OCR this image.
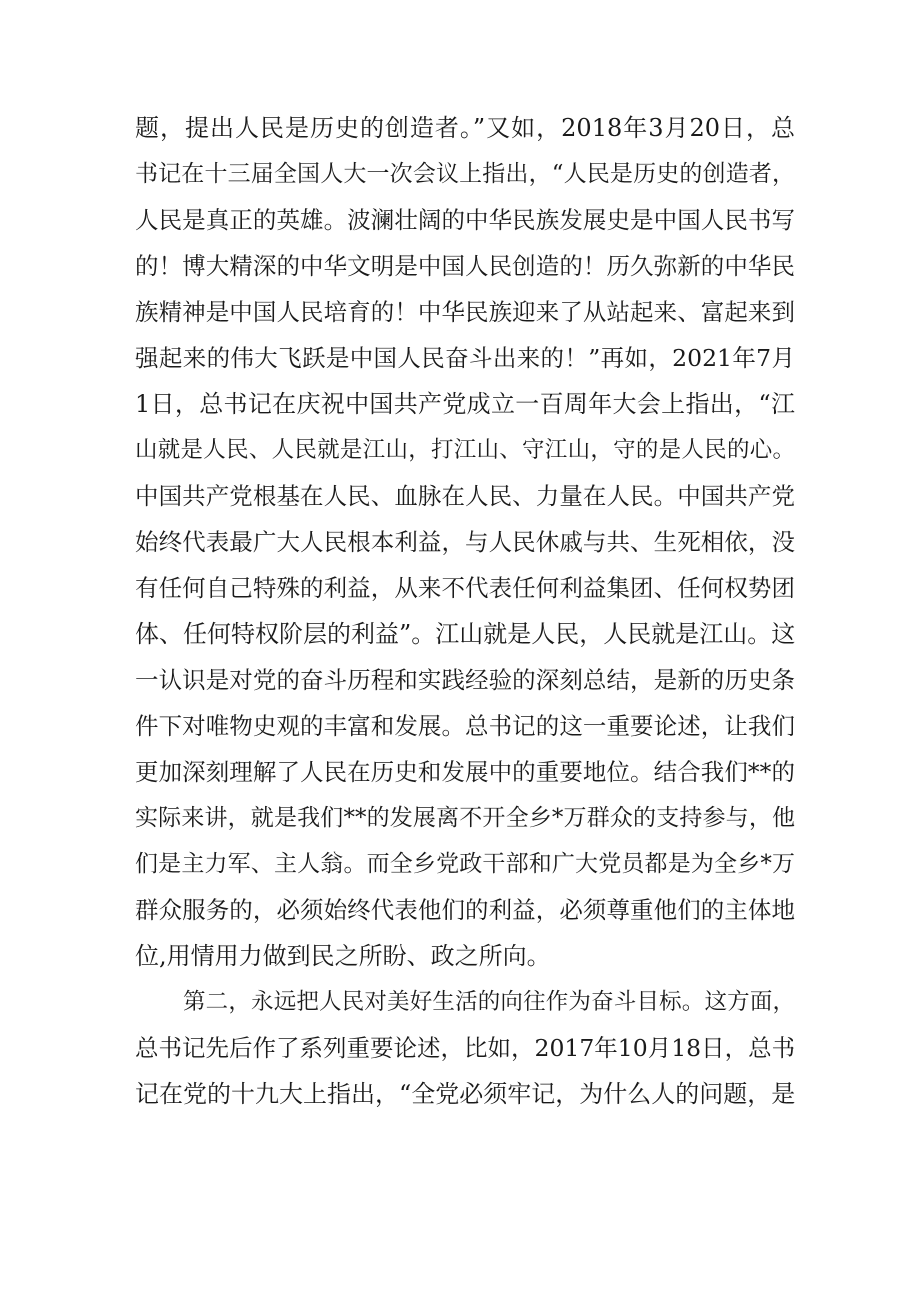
题，提出人民是历史的创造者。”又如，2018年3月20日，总
书记在十三届全国人大一次会议上指出，“人民是历史的创造者，
人民是真正的英雄。波澜壮阔的中华民族发展史是中国人民书写
的！博大精深的中华文明是中国人民创造的！历久弥新的中华民
族精神是中国人民培育的！中华民族迎来了从站起来、富起来到
强起来的伟大飞跃是中国人民奋斗出来的！”再如，2021年7月
1日，总书记在庆祝中国共产党成立一百周年大会上指出，“江
山就是人民、人民就是江山，打江山、守江山，守的是人民的心。
中国共产党根基在人民、血脉在人民、力量在人民。中国共产党
始终代表最广大人民根本利益，与人民休戚与共、生死相依，没
有任何自己特殊的利益，从来不代表任何利益集团、任何权势团
体、任何特权阶层的利益”。江山就是人民，人民就是江山。这
一认识是对党的奋斗历程和实践经验的深刻总结，是新的历史条
件下对唯物史观的丰富和发展。总书记的这一重要论述，让我们
更加深刻理解了人民在历史和发展中的重要地位。结合我们**的
实际来讲，就是我们**的发展离不开全乡*万群众的支持参与，他
们是主力军、主人翁。而全乡党政干部和广大党员都是为全乡*万
群众服务的，必须始终代表他们的利益，必须尊重他们的主体地
位,用情用力做到民之所盼、政之所向。
第二，永远把人民对美好生活的向往作为奋斗目标。这方面，
总书记先后作了系列重要论述，比如，2017年10月18日，总书
记在党的十九大上指出，“全党必须牢记，为什么人的问题，是
